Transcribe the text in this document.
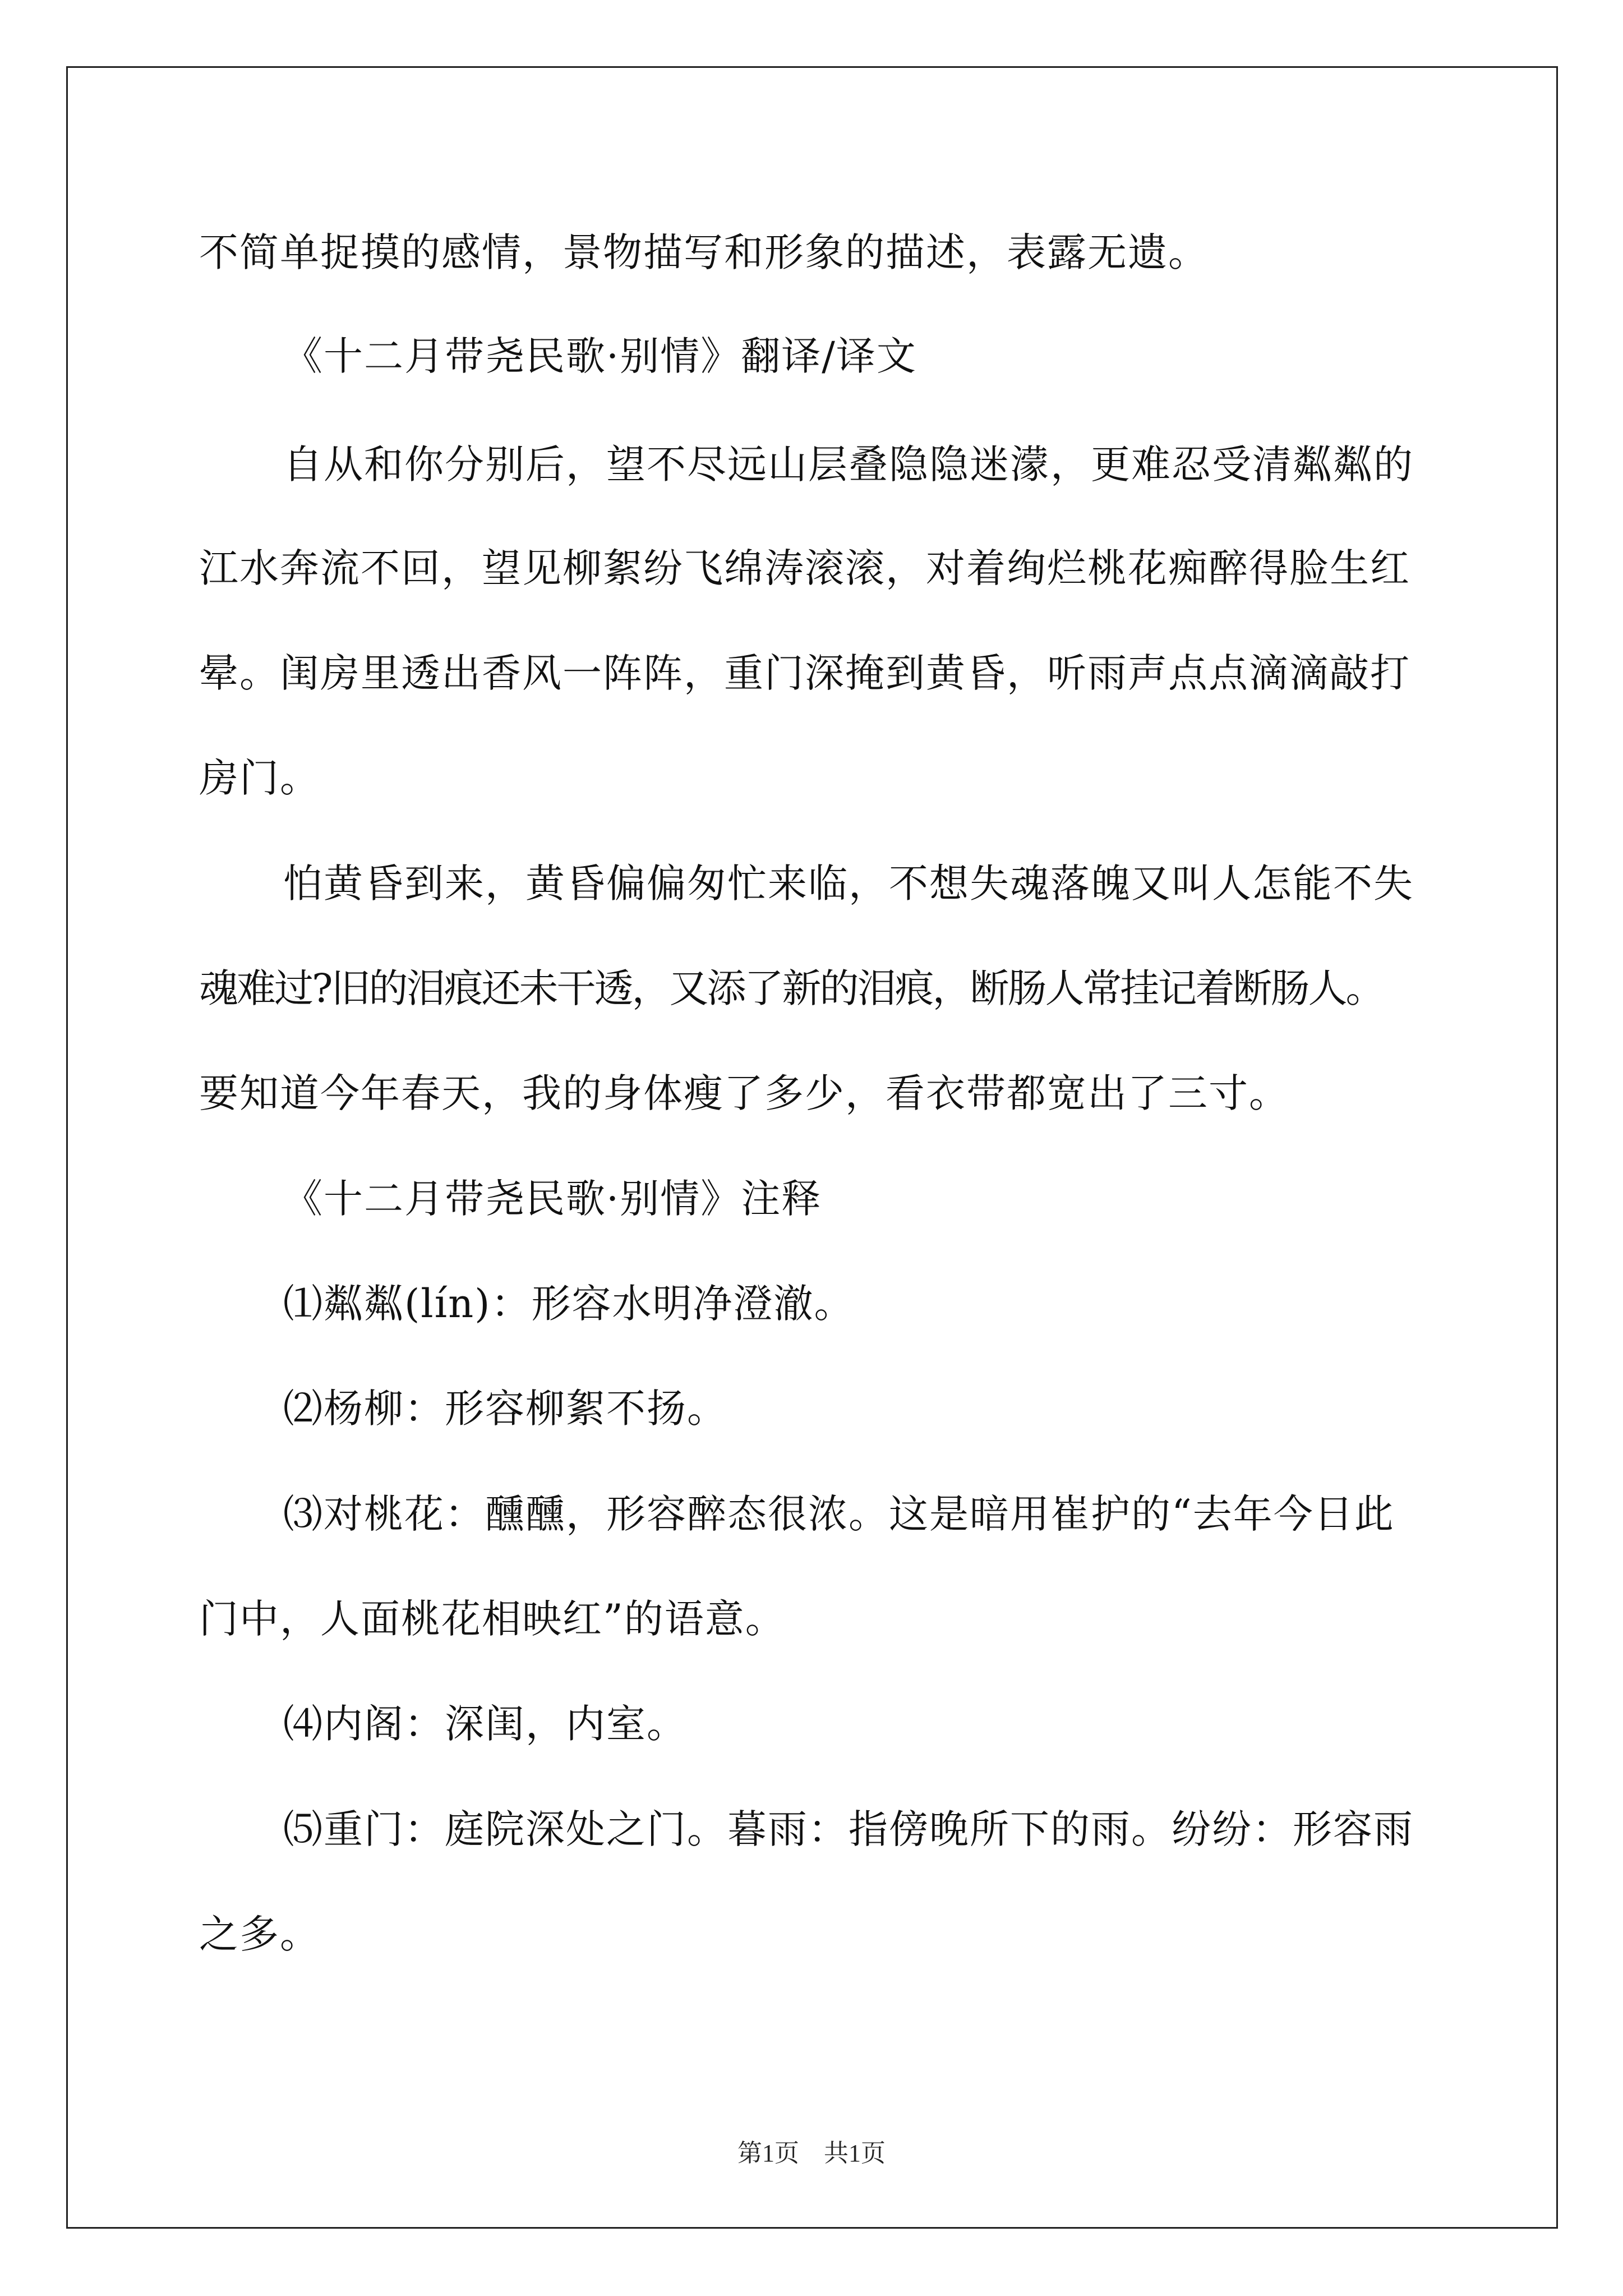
不简单捉摸的感情，景物描写和形象的描述，表露无遗。
《十二月带尧民歌·别情》翻译/译文
自从和你分别后，望不尽远山层叠隐隐迷濛，更难忍受清粼粼的
江水奔流不回，望见柳絮纷飞绵涛滚滚，对着绚烂桃花痴醉得脸生红
晕。闺房里透出香风一阵阵，重门深掩到黄昏，听雨声点点滴滴敲打
房门。
怕黄昏到来，黄昏偏偏匆忙来临，不想失魂落魄又叫人怎能不失
魂难过?旧的泪痕还未干透，又添了新的泪痕，断肠人常挂记着断肠人。
要知道今年春天，我的身体瘦了多少，看衣带都宽出了三寸。
《十二月带尧民歌·别情》注释
⑴粼粼(lín)：形容水明净澄澈。
⑵杨柳：形容柳絮不扬。
⑶对桃花：醺醺，形容醉态很浓。这是暗用崔护的“去年今日此
门中，人面桃花相映红”的语意。
⑷内阁：深闺，内室。
⑸重门：庭院深处之门。暮雨：指傍晚所下的雨。纷纷：形容雨
之多。
第1页　共1页
